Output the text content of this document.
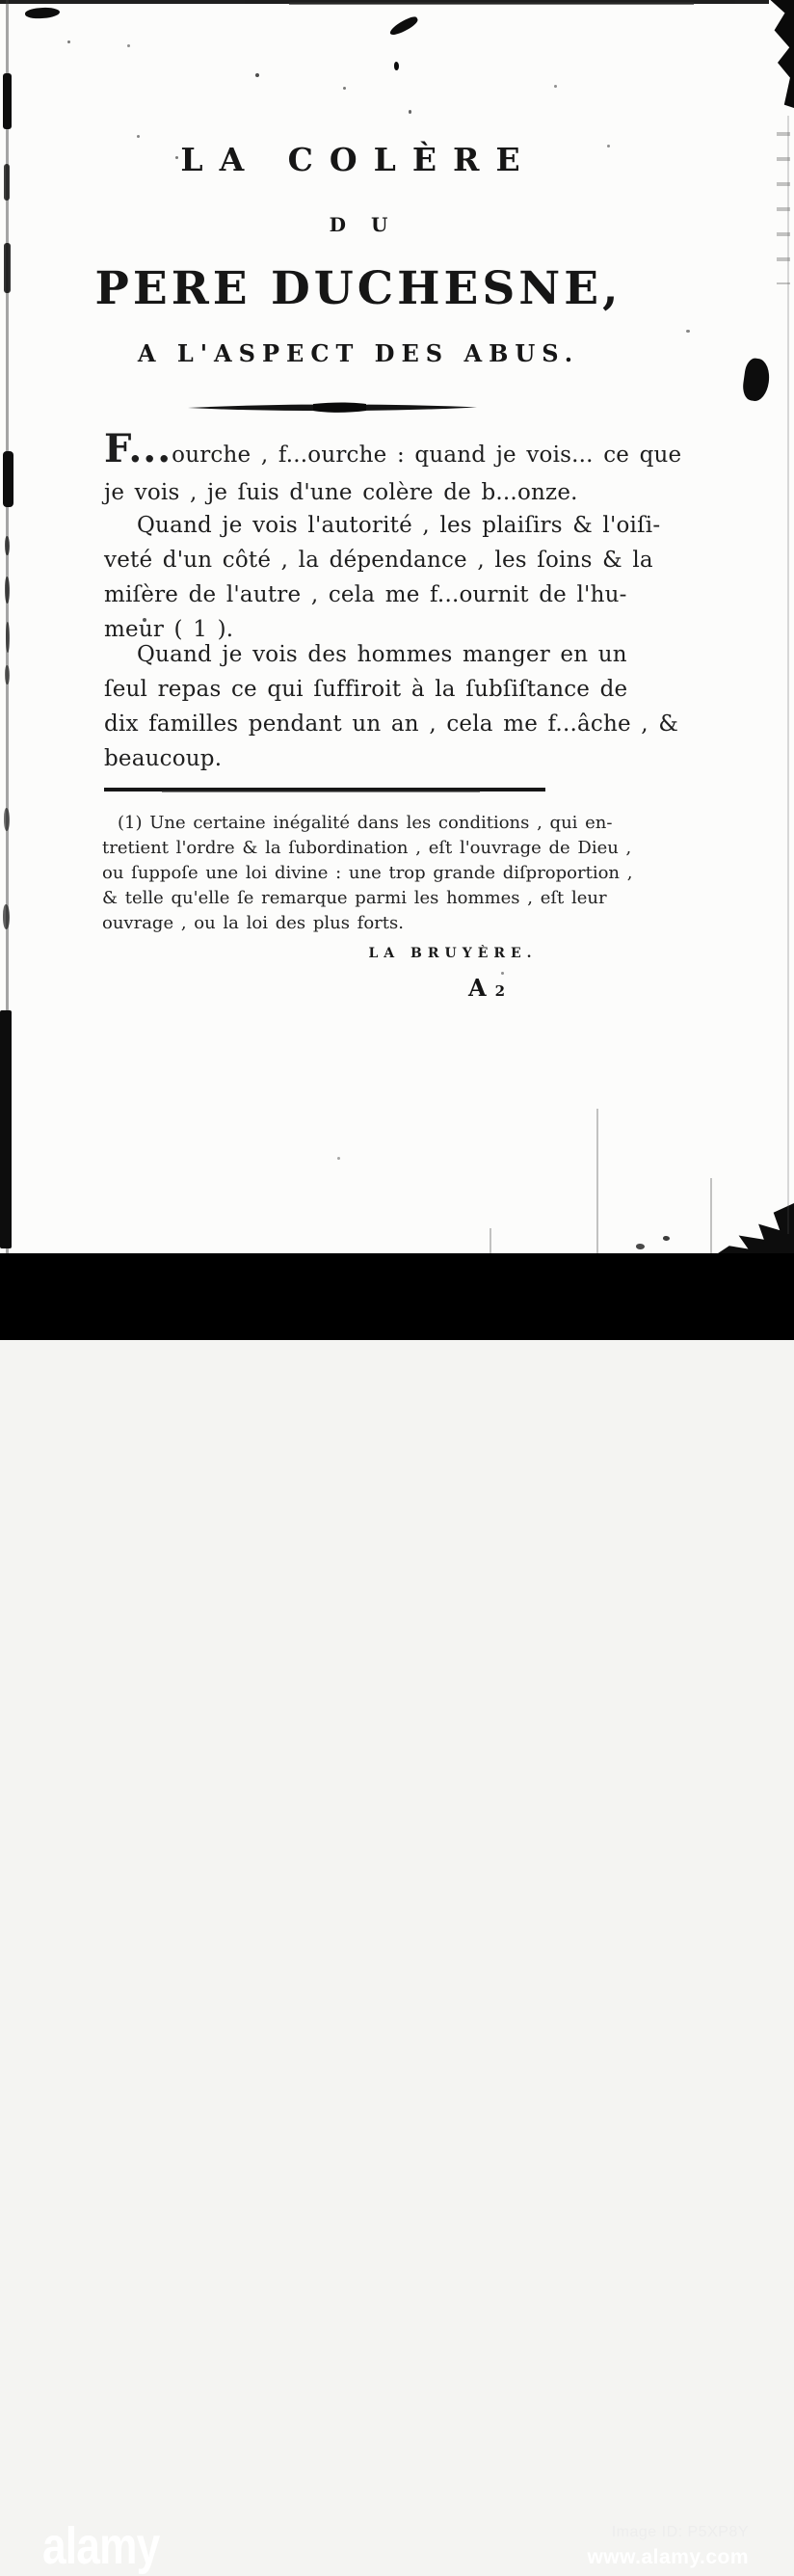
LA COLÈRE
DU
PERE DUCHESNE,
A L'ASPECT DES ABUS.
F...ourche , f...ourche : quand je vois... ce que
je vois , je ſuis d'une colère de b...onze.
Quand je vois l'autorité , les plaiſirs & l'oiſi-
veté d'un côté , la dépendance , les ſoins & la
miſère de l'autre , cela me f...ournit de l'hu-
meur ( 1 ).
Quand je vois des hommes manger en un
ſeul repas ce qui ſuffiroit à la ſubſiſtance de
dix familles pendant un an , cela me f...âche , &
beaucoup.
(1) Une certaine inégalité dans les conditions , qui en-
tretient l'ordre & la ſubordination , eſt l'ouvrage de Dieu ,
ou ſuppoſe une loi divine : une trop grande diſproportion ,
& telle qu'elle ſe remarque parmi les hommes , eſt leur
ouvrage , ou la loi des plus forts.
LA BRUYÈRE.
A 2
alamy	Image ID: P5XP8Y
www.alamy.com
